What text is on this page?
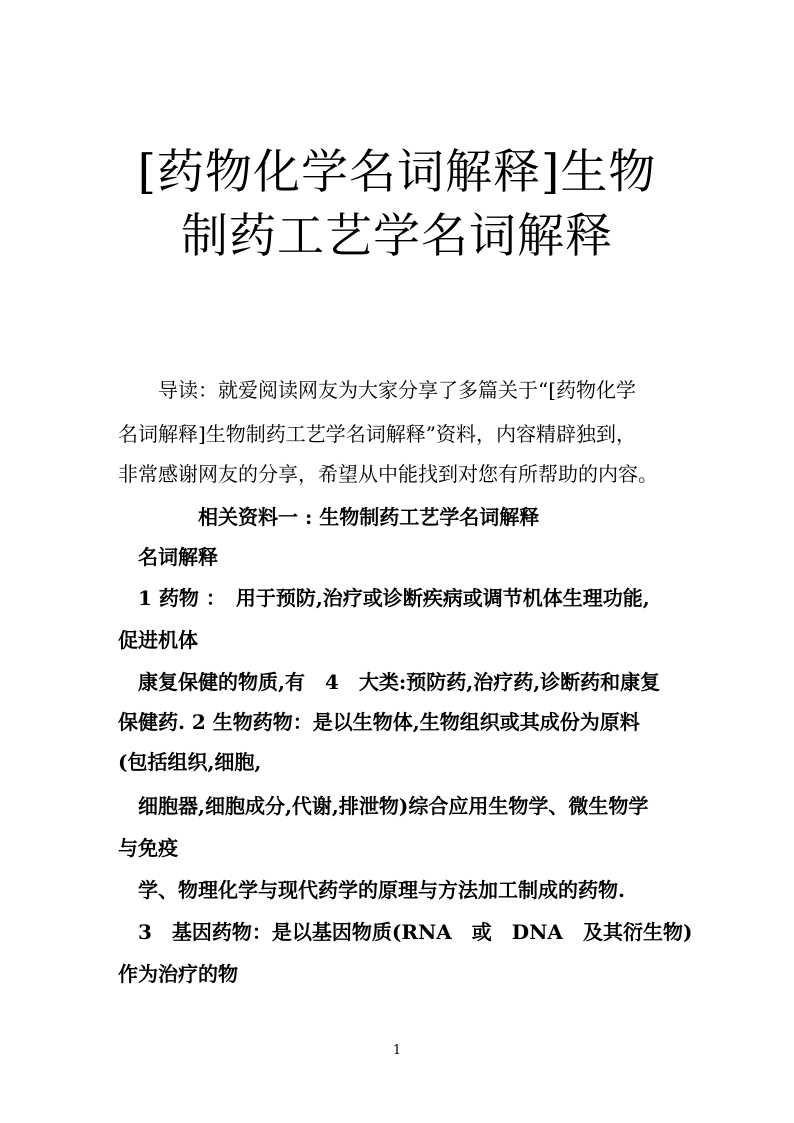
[药物化学名词解释]生物
制药工艺学名词解释
　　导读：就爱阅读网友为大家分享了多篇关于“[药物化学
名词解释]生物制药工艺学名词解释”资料，内容精辟独到，
非常感谢网友的分享，希望从中能找到对您有所帮助的内容。
　　　　相关资料一 : 生物制药工艺学名词解释
　名词解释
　1 药物 ：　用于预防,治疗或诊断疾病或调节机体生理功能,
促进机体
　康复保健的物质,有　4　大类:预防药,治疗药,诊断药和康复
保健药. 2 生物药物：是以生物体,生物组织或其成份为原料
(包括组织,细胞,
　细胞器,细胞成分,代谢,排泄物)综合应用生物学、微生物学
与免疫
　学、物理化学与现代药学的原理与方法加工制成的药物.
　3　基因药物：是以基因物质(RNA　或　DNA　及其衍生物)
作为治疗的物
1
